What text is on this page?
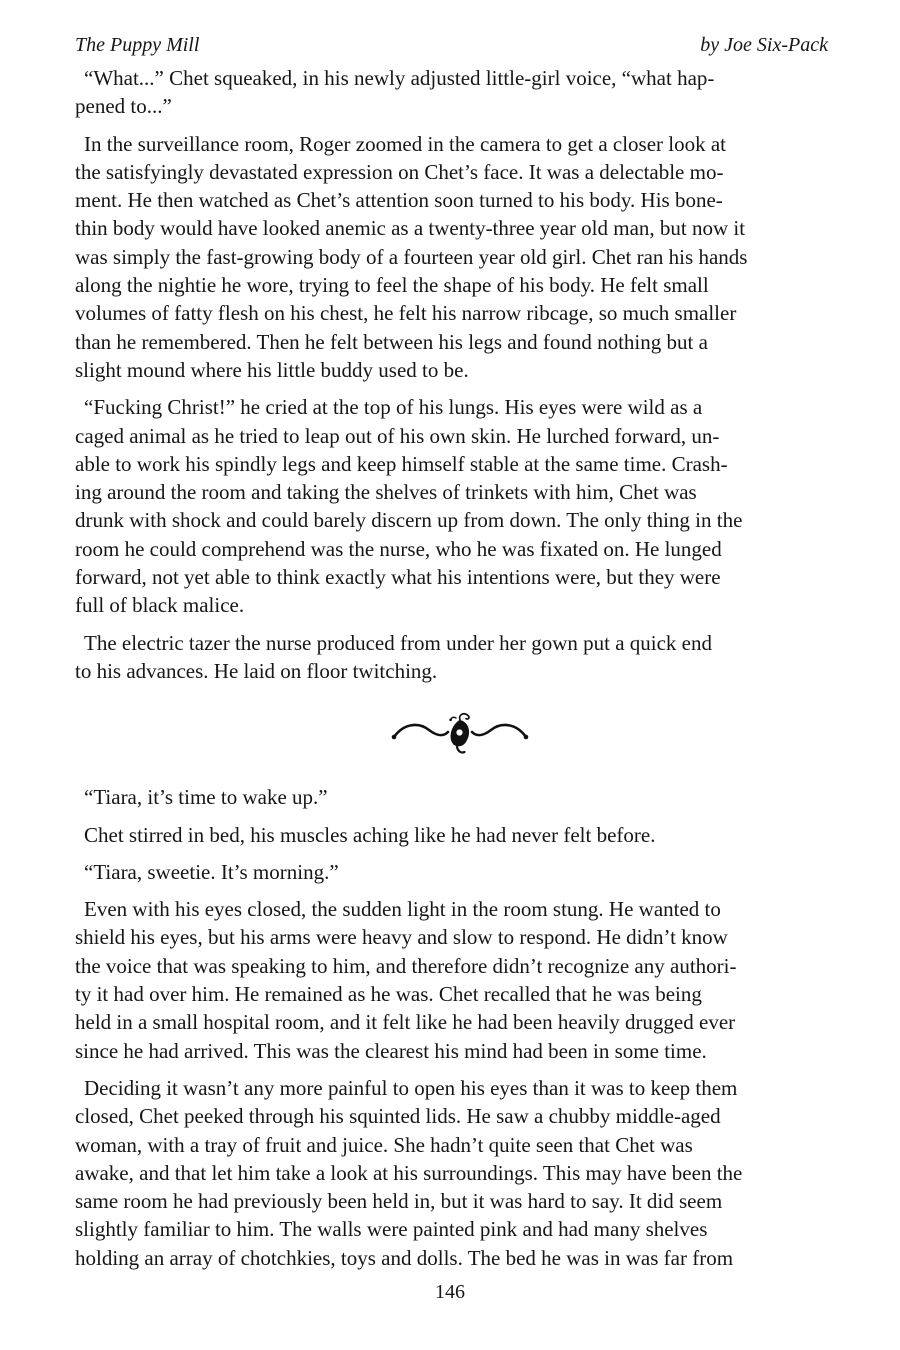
The Puppy Mill	by Joe Six-Pack

“What...” Chet squeaked, in his newly adjusted little-girl voice, “what hap-
pened to...”

In the surveillance room, Roger zoomed in the camera to get a closer look at
the satisfyingly devastated expression on Chet’s face. It was a delectable mo-
ment. He then watched as Chet’s attention soon turned to his body. His bone-
thin body would have looked anemic as a twenty-three year old man, but now it
was simply the fast-growing body of a fourteen year old girl. Chet ran his hands
along the nightie he wore, trying to feel the shape of his body. He felt small
volumes of fatty flesh on his chest, he felt his narrow ribcage, so much smaller
than he remembered. Then he felt between his legs and found nothing but a
slight mound where his little buddy used to be.

“Fucking Christ!” he cried at the top of his lungs. His eyes were wild as a
caged animal as he tried to leap out of his own skin. He lurched forward, un-
able to work his spindly legs and keep himself stable at the same time. Crash-
ing around the room and taking the shelves of trinkets with him, Chet was
drunk with shock and could barely discern up from down. The only thing in the
room he could comprehend was the nurse, who he was fixated on. He lunged
forward, not yet able to think exactly what his intentions were, but they were
full of black malice.

The electric tazer the nurse produced from under her gown put a quick end
to his advances. He laid on floor twitching.

“Tiara, it’s time to wake up.”

Chet stirred in bed, his muscles aching like he had never felt before.

“Tiara, sweetie. It’s morning.”

Even with his eyes closed, the sudden light in the room stung. He wanted to
shield his eyes, but his arms were heavy and slow to respond. He didn’t know
the voice that was speaking to him, and therefore didn’t recognize any authori-
ty it had over him. He remained as he was. Chet recalled that he was being
held in a small hospital room, and it felt like he had been heavily drugged ever
since he had arrived. This was the clearest his mind had been in some time.

Deciding it wasn’t any more painful to open his eyes than it was to keep them
closed, Chet peeked through his squinted lids. He saw a chubby middle-aged
woman, with a tray of fruit and juice. She hadn’t quite seen that Chet was
awake, and that let him take a look at his surroundings. This may have been the
same room he had previously been held in, but it was hard to say. It did seem
slightly familiar to him. The walls were painted pink and had many shelves
holding an array of chotchkies, toys and dolls. The bed he was in was far from

146
